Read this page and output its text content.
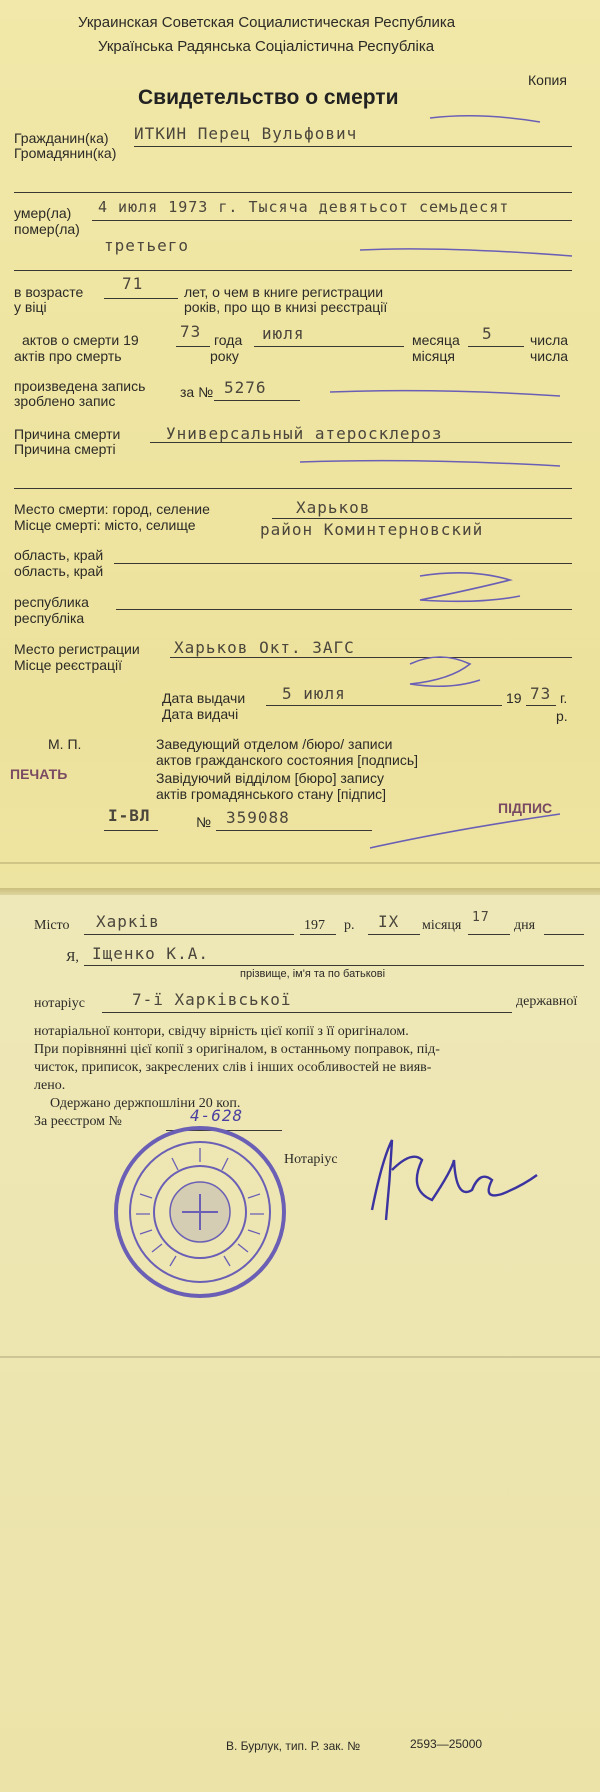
Украинская Советская Социалистическая Республика
Українська Радянська Соціалістична Республіка
Копия
Свидетельство о смерти
Гражданин(ка)
Громадянин(ка)
ИТКИН Перец Вульфович
умер(ла)
помер(ла)
4 июля 1973 г. Тысяча девятьсот семьдесят
третьего
в возрасте
у віці
71	лет, о чем в книге регистрации
років, про що в книзі реєстрації
актов о смерти 19
актів про смерть
73 года
року
июля	месяца
місяця
5	числа
числа
произведена запись
зроблено запис
за № 5276
Причина смерти
Причина смерті
Универсальный атеросклероз
Место смерти: город, селение
Місце смерті: місто, селище
Харьков
район Коминтерновский
область, край
область, край
республика
республіка
Место регистрации
Місце реєстрації
Харьков Окт. ЗАГС
Дата выдачи
Дата видачі
5 июля	19 73 г.
р.
М. П.
ПЕЧАТЬ
Заведующий отделом /бюро/ записи
актов гражданского состояния [подпись]
Завідуючий відділом [бюро] запису
актів громадянського стану [підпис]
ПІДПИС
I-ВЛ	№ 359088
Місто Харків	197 р. IX місяця
17
дня
Я, Іщенко К.А.
прізвище, ім'я та по батькові
нотаріус	7-ї Харківської	державної
нотаріальної контори, свідчу вірність цієї копії з її оригіналом.
При порівнянні цієї копії з оригіналом, в останньому поправок, під-
чисток, приписок, закреслених слів і інших особливостей не вияв-
лено.
Одержано держпошліни 20 коп.
За реєстром №	4-628
Нотаріус
В. Бурлук, тип. Р. зак. №	2593—25000
